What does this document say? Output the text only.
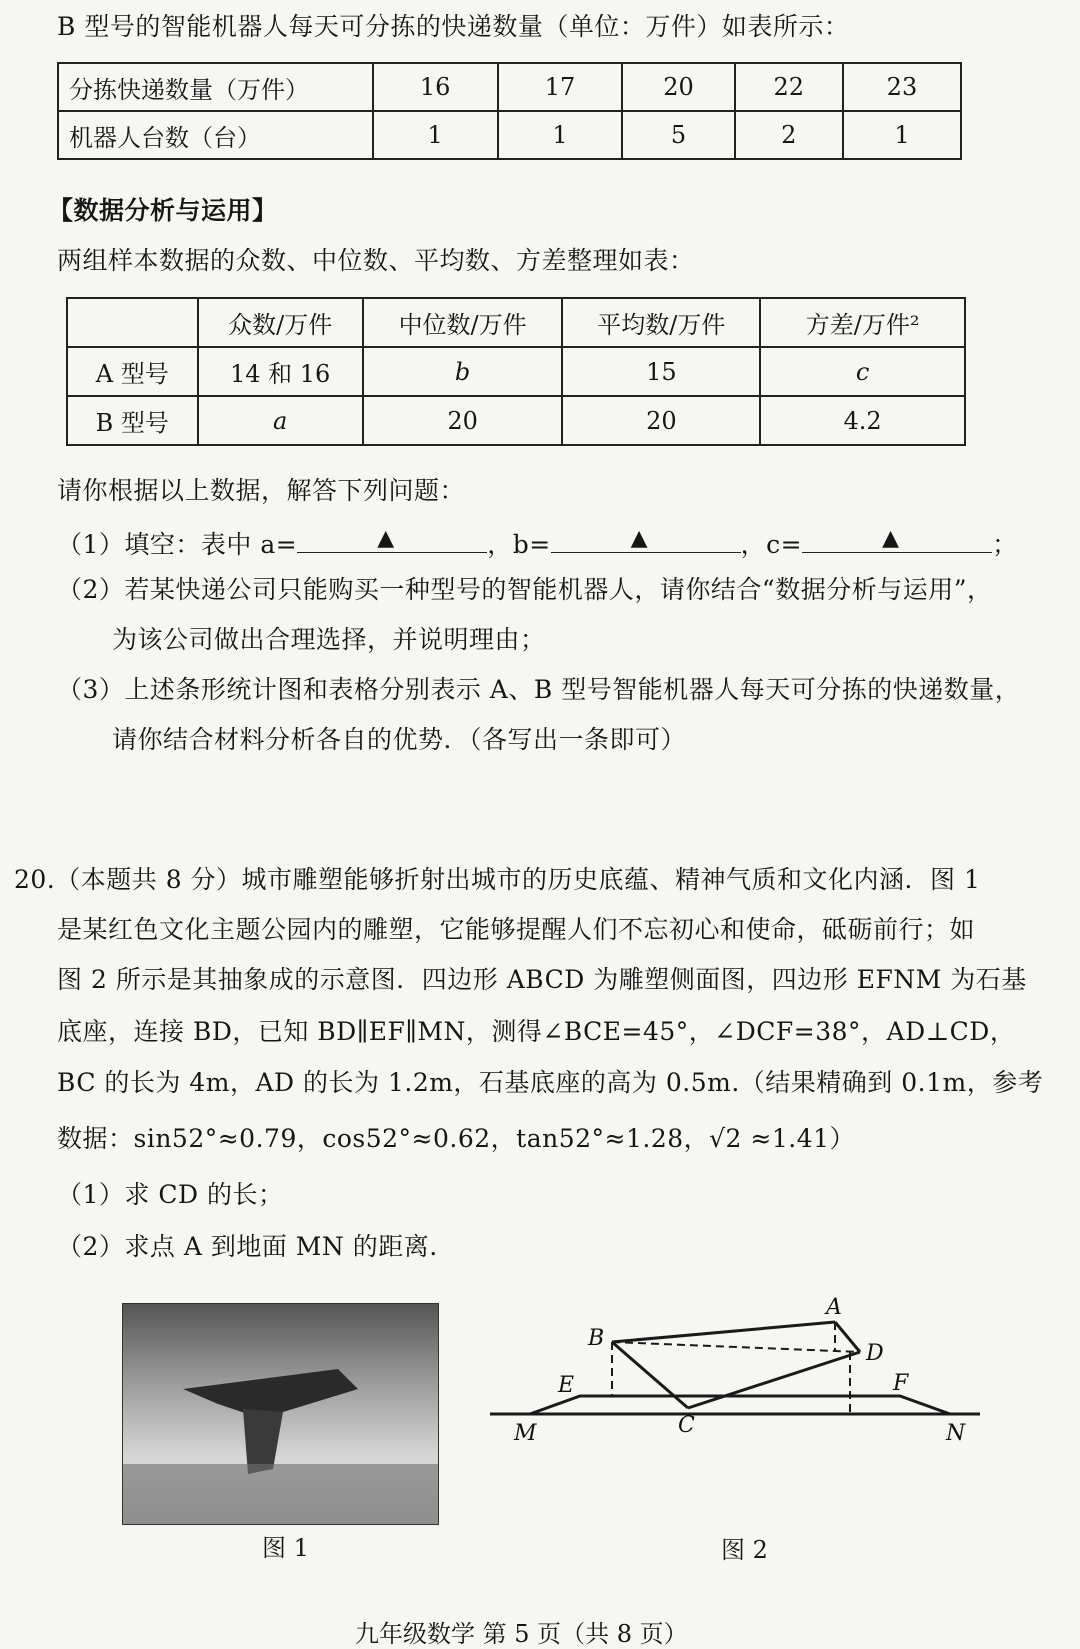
B 型号的智能机器人每天可分拣的快递数量（单位：万件）如表所示：
分拣快递数量（万件）	16	17	20	22	23
机器人台数（台）	1	1	5	2	1
【数据分析与运用】
两组样本数据的众数、中位数、平均数、方差整理如表：
	众数/万件	中位数/万件	平均数/万件	方差/万件²
A 型号	14 和 16	b	15	c
B 型号	a	20	20	4.2
请你根据以上数据，解答下列问题：
（1）填空：表中 a=	▲	，b=	▲	，c=	▲	；
（2）若某快递公司只能购买一种型号的智能机器人，请你结合“数据分析与运用”，
为该公司做出合理选择，并说明理由；
（3）上述条形统计图和表格分别表示 A、B 型号智能机器人每天可分拣的快递数量，
请你结合材料分析各自的优势．（各写出一条即可）
20.（本题共 8 分）城市雕塑能够折射出城市的历史底蕴、精神气质和文化内涵．图 1
是某红色文化主题公园内的雕塑，它能够提醒人们不忘初心和使命，砥砺前行；如
图 2 所示是其抽象成的示意图．四边形 ABCD 为雕塑侧面图，四边形 EFNM 为石基
底座，连接 BD，已知 BD∥EF∥MN，测得∠BCE=45°，∠DCF=38°，AD⊥CD，
BC 的长为 4m，AD 的长为 1.2m，石基底座的高为 0.5m.（结果精确到 0.1m，参考
数据：sin52°≈0.79，cos52°≈0.62，tan52°≈1.28，√2 ≈1.41）
（1）求 CD 的长；
（2）求点 A 到地面 MN 的距离.
图 1
A
B
C
D
E	F
M	N
图 2
九年级数学 第 5 页（共 8 页）
